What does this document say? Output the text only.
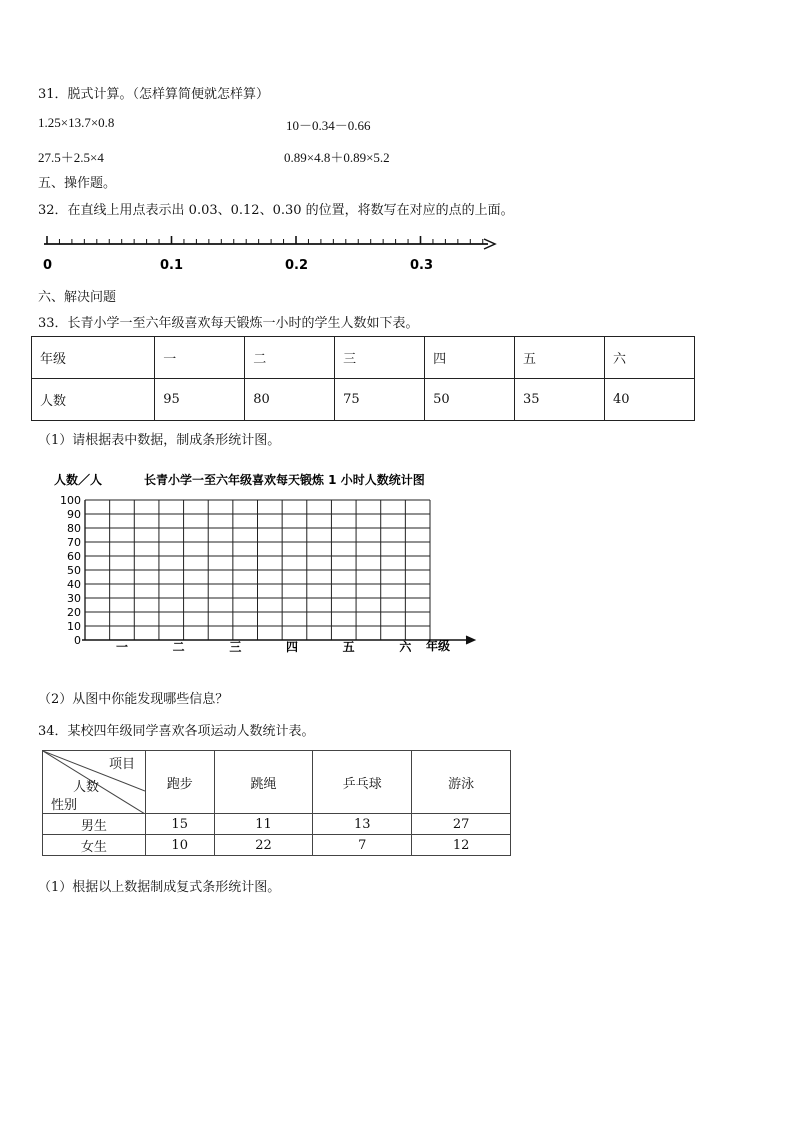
31．脱式计算。（怎样算简便就怎样算）
1.25×13.7×0.8	10－0.34－0.66
27.5＋2.5×4	0.89×4.8＋0.89×5.2
五、操作题。
32．在直线上用点表示出 0.03、0.12、0.30 的位置，将数写在对应的点的上面。
0	0.1	0.2	0.3
六、解决问题
33．长青小学一至六年级喜欢每天锻炼一小时的学生人数如下表。
年级	一	二	三	四	五	六
人数	95	80	75	50	35	40
（1）请根据表中数据，制成条形统计图。
人数／人	长青小学一至六年级喜欢每天锻炼 1 小时人数统计图
100
90
80
70
60
50
40
30
20
10
0	一	二	三	四	五	六 年级
（2）从图中你能发现哪些信息？
34．某校四年级同学喜欢各项运动人数统计表。
项目
人数
性别	跑步	跳绳	乒乓球	游泳
男生	15	11	13	27
女生	10	22	7	12
（1）根据以上数据制成复式条形统计图。
